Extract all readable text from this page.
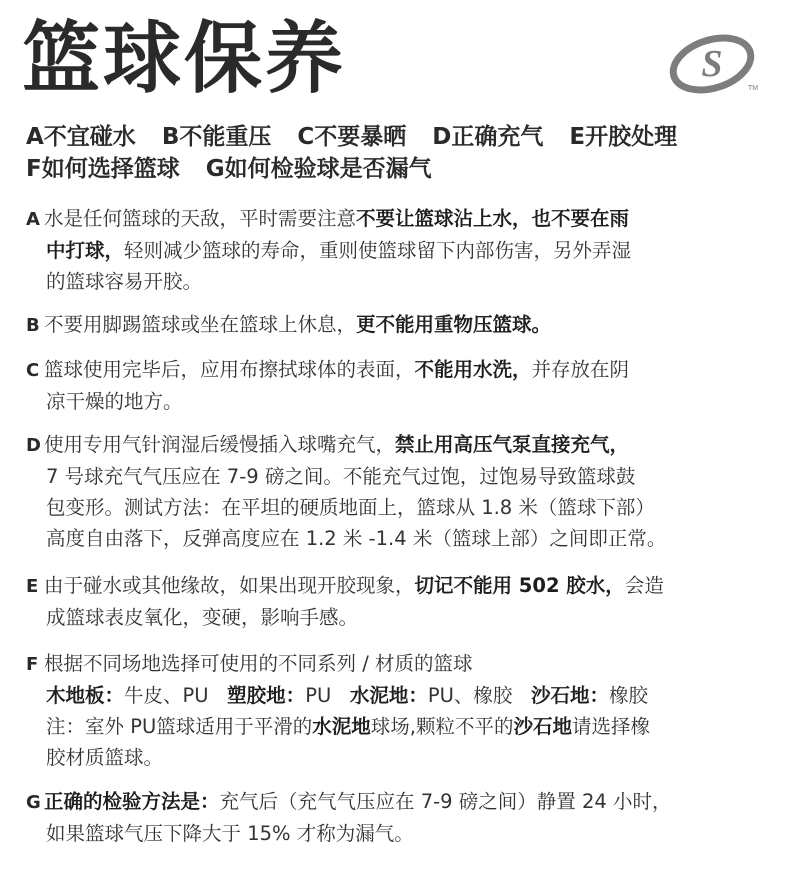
篮球保养	S
TM
A不宜碰水 B不能重压 C不要暴晒 D正确充气 E开胶处理
F如何选择篮球 G如何检验球是否漏气
A 水是任何篮球的天敌，平时需要注意不要让篮球沾上水，也不要在雨
中打球，轻则减少篮球的寿命，重则使篮球留下内部伤害，另外弄湿
的篮球容易开胶。
B 不要用脚踢篮球或坐在篮球上休息，更不能用重物压篮球。
C 篮球使用完毕后，应用布擦拭球体的表面，不能用水洗，并存放在阴
凉干燥的地方。
D 使用专用气针润湿后缓慢插入球嘴充气，禁止用高压气泵直接充气，
7 号球充气气压应在 7-9 磅之间。不能充气过饱，过饱易导致篮球鼓
包变形。测试方法：在平坦的硬质地面上，篮球从 1.8 米（篮球下部）
高度自由落下，反弹高度应在 1.2 米 -1.4 米（篮球上部）之间即正常。
E 由于碰水或其他缘故，如果出现开胶现象，切记不能用 502 胶水，会造
成篮球表皮氧化，变硬，影响手感。
F 根据不同场地选择可使用的不同系列 / 材质的篮球
木地板：牛皮、PU 塑胶地：PU 水泥地：PU、橡胶 沙石地：橡胶
注：室外 PU篮球适用于平滑的水泥地球场,颗粒不平的沙石地请选择橡
胶材质篮球。
G 正确的检验方法是：充气后（充气气压应在 7-9 磅之间）静置 24 小时，
如果篮球气压下降大于 15% 才称为漏气。
